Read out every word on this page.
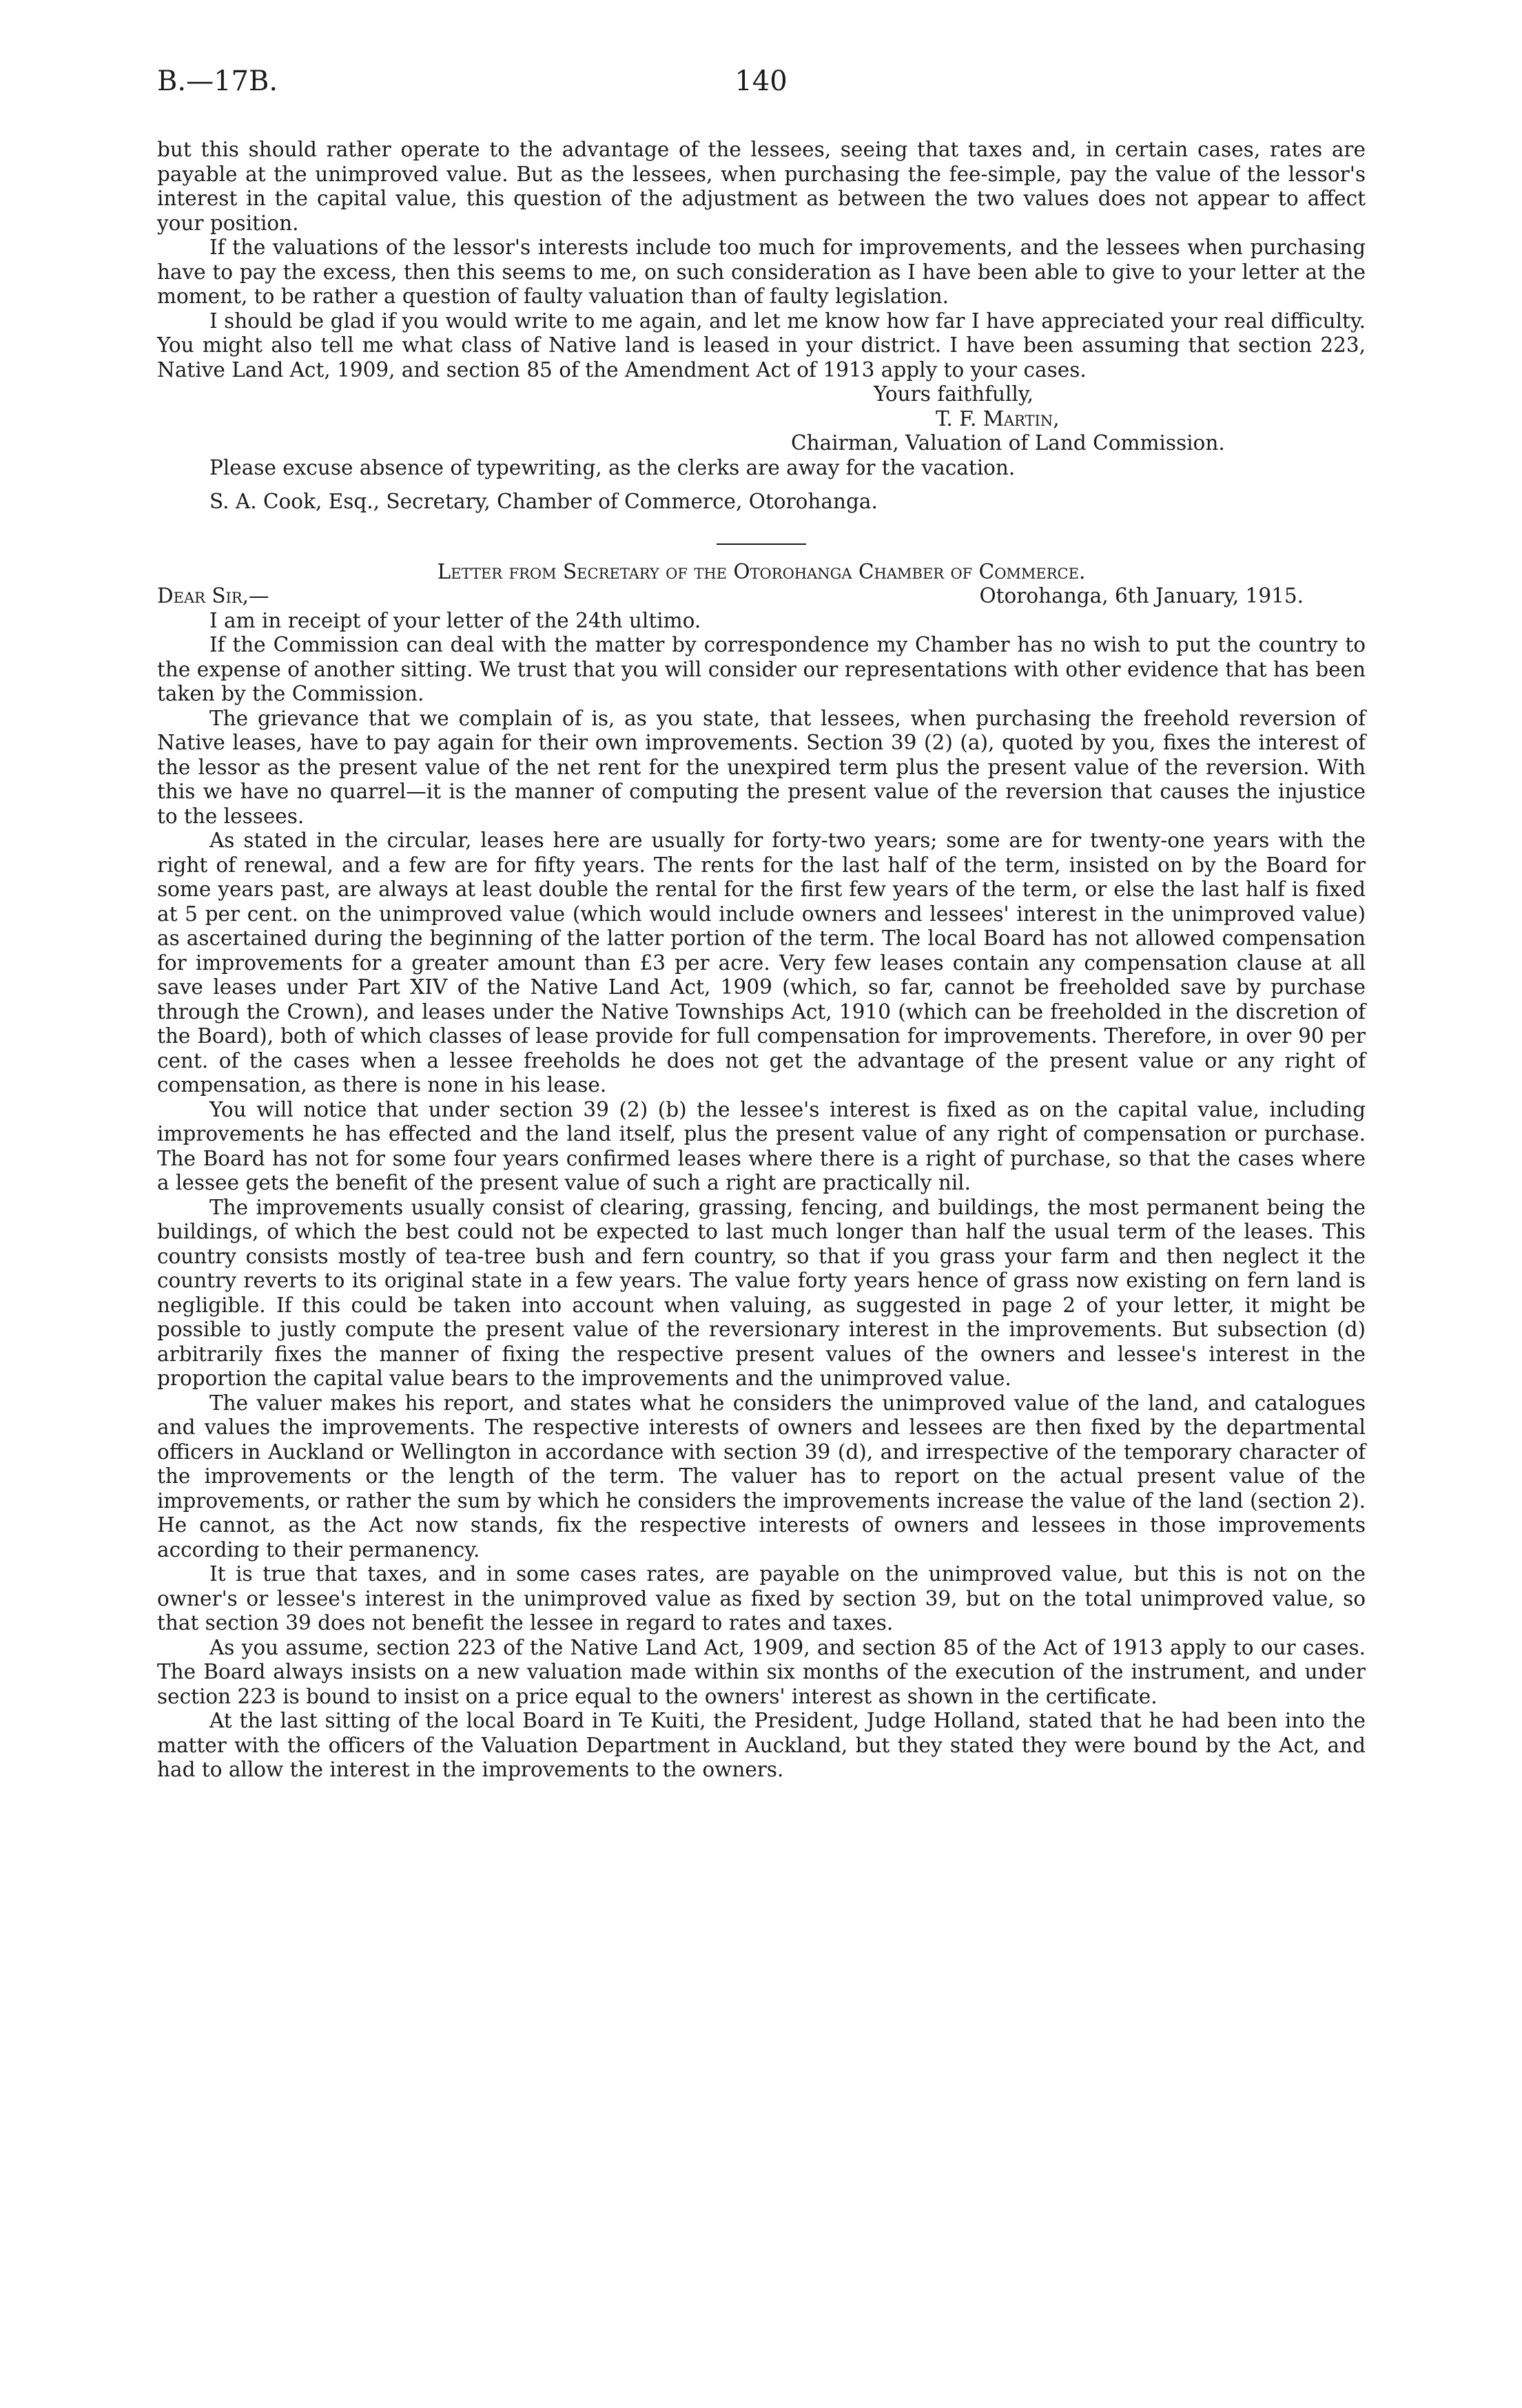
B.—17B.	140

but this should rather operate to the advantage of the lessees, seeing that taxes and, in certain cases, rates are payable at the unimproved value. But as the lessees, when purchasing the fee-simple, pay the value of the lessor's interest in the capital value, this question of the adjustment as between the two values does not appear to affect your position.

If the valuations of the lessor's interests include too much for improvements, and the lessees when purchasing have to pay the excess, then this seems to me, on such consideration as I have been able to give to your letter at the moment, to be rather a question of faulty valuation than of faulty legislation.

I should be glad if you would write to me again, and let me know how far I have appreciated your real difficulty. You might also tell me what class of Native land is leased in your district. I have been assuming that section 223, Native Land Act, 1909, and section 85 of the Amendment Act of 1913 apply to your cases.

Yours faithfully,

T. F. Martin,

Chairman, Valuation of Land Commission.

Please excuse absence of typewriting, as the clerks are away for the vacation.

S. A. Cook, Esq., Secretary, Chamber of Commerce, Otorohanga.

Letter from Secretary of the Otorohanga Chamber of Commerce.

Dear Sir,—	Otorohanga, 6th January, 1915.

I am in receipt of your letter of the 24th ultimo.

If the Commission can deal with the matter by correspondence my Chamber has no wish to put the country to the expense of another sitting. We trust that you will consider our representations with other evidence that has been taken by the Commission.

The grievance that we complain of is, as you state, that lessees, when purchasing the freehold reversion of Native leases, have to pay again for their own improvements. Section 39 (2) (a), quoted by you, fixes the interest of the lessor as the present value of the net rent for the unexpired term plus the present value of the reversion. With this we have no quarrel—it is the manner of computing the present value of the reversion that causes the injustice to the lessees.

As stated in the circular, leases here are usually for forty-two years; some are for twenty-one years with the right of renewal, and a few are for fifty years. The rents for the last half of the term, insisted on by the Board for some years past, are always at least double the rental for the first few years of the term, or else the last half is fixed at 5 per cent. on the unimproved value (which would include owners and lessees' interest in the unimproved value) as ascertained during the beginning of the latter portion of the term. The local Board has not allowed compensation for improvements for a greater amount than £3 per acre. Very few leases contain any compensation clause at all save leases under Part XIV of the Native Land Act, 1909 (which, so far, cannot be freeholded save by purchase through the Crown), and leases under the Native Townships Act, 1910 (which can be freeholded in the discretion of the Board), both of which classes of lease provide for full compensation for improvements. Therefore, in over 90 per cent. of the cases when a lessee freeholds he does not get the advantage of the present value or any right of compensation, as there is none in his lease.

You will notice that under section 39 (2) (b) the lessee's interest is fixed as on the capital value, including improvements he has effected and the land itself, plus the present value of any right of compensation or purchase. The Board has not for some four years confirmed leases where there is a right of purchase, so that the cases where a lessee gets the benefit of the present value of such a right are practically nil.

The improvements usually consist of clearing, grassing, fencing, and buildings, the most permanent being the buildings, of which the best could not be expected to last much longer than half the usual term of the leases. This country consists mostly of tea-tree bush and fern country, so that if you grass your farm and then neglect it the country reverts to its original state in a few years. The value forty years hence of grass now existing on fern land is negligible. If this could be taken into account when valuing, as suggested in page 2 of your letter, it might be possible to justly compute the present value of the reversionary interest in the improvements. But subsection (d) arbitrarily fixes the manner of fixing the respective present values of the owners and lessee's interest in the proportion the capital value bears to the improvements and the unimproved value.

The valuer makes his report, and states what he considers the unimproved value of the land, and catalogues and values the improvements. The respective interests of owners and lessees are then fixed by the departmental officers in Auckland or Wellington in accordance with section 39 (d), and irrespective of the temporary character of the improvements or the length of the term. The valuer has to report on the actual present value of the improvements, or rather the sum by which he considers the improvements increase the value of the land (section 2). He cannot, as the Act now stands, fix the respective interests of owners and lessees in those improvements according to their permanency.

It is true that taxes, and in some cases rates, are payable on the unimproved value, but this is not on the owner's or lessee's interest in the unimproved value as fixed by section 39, but on the total unimproved value, so that section 39 does not benefit the lessee in regard to rates and taxes.

As you assume, section 223 of the Native Land Act, 1909, and section 85 of the Act of 1913 apply to our cases. The Board always insists on a new valuation made within six months of the execution of the instrument, and under section 223 is bound to insist on a price equal to the owners' interest as shown in the certificate.

At the last sitting of the local Board in Te Kuiti, the President, Judge Holland, stated that he had been into the matter with the officers of the Valuation Department in Auckland, but they stated they were bound by the Act, and had to allow the interest in the improvements to the owners.
